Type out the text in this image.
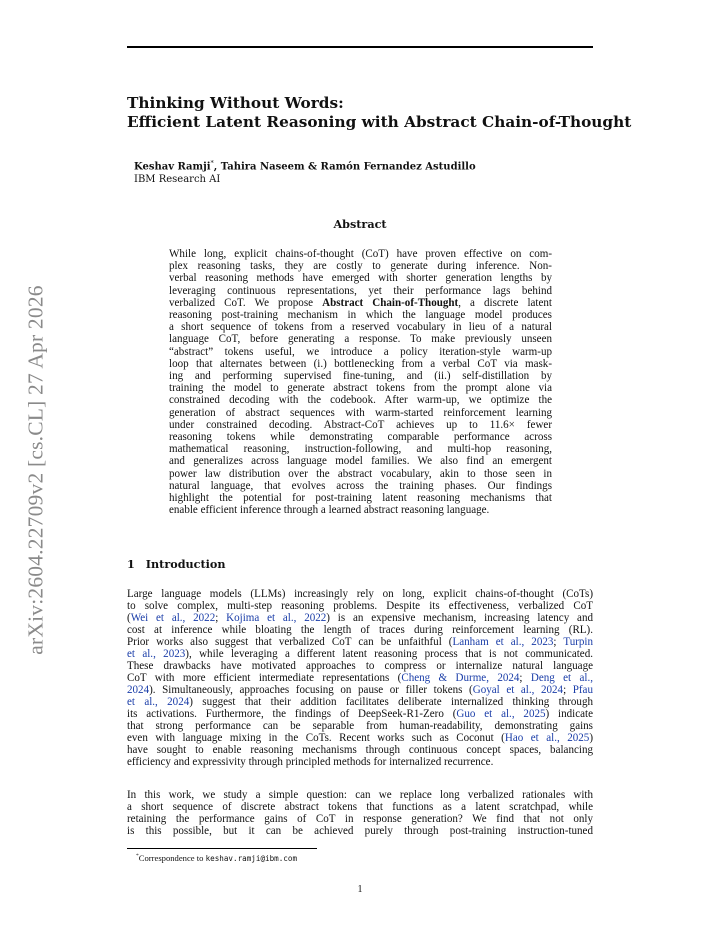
arXiv:2604.22709v2 [cs.CL] 27 Apr 2026
Thinking Without Words:
Efficient Latent Reasoning with Abstract Chain-of-Thought
Keshav Ramji*, Tahira Naseem & Ramón Fernandez Astudillo
IBM Research AI
Abstract
While long, explicit chains-of-thought (CoT) have proven effective on com-
plex reasoning tasks, they are costly to generate during inference. Non-
verbal reasoning methods have emerged with shorter generation lengths by
leveraging continuous representations, yet their performance lags behind
verbalized CoT. We propose Abstract Chain-of-Thought, a discrete latent
reasoning post-training mechanism in which the language model produces
a short sequence of tokens from a reserved vocabulary in lieu of a natural
language CoT, before generating a response. To make previously unseen
“abstract” tokens useful, we introduce a policy iteration-style warm-up
loop that alternates between (i.) bottlenecking from a verbal CoT via mask-
ing and performing supervised fine-tuning, and (ii.) self-distillation by
training the model to generate abstract tokens from the prompt alone via
constrained decoding with the codebook. After warm-up, we optimize the
generation of abstract sequences with warm-started reinforcement learning
under constrained decoding. Abstract-CoT achieves up to 11.6× fewer
reasoning tokens while demonstrating comparable performance across
mathematical reasoning, instruction-following, and multi-hop reasoning,
and generalizes across language model families. We also find an emergent
power law distribution over the abstract vocabulary, akin to those seen in
natural language, that evolves across the training phases. Our findings
highlight the potential for post-training latent reasoning mechanisms that
enable efficient inference through a learned abstract reasoning language.
1 Introduction
Large language models (LLMs) increasingly rely on long, explicit chains-of-thought (CoTs)
to solve complex, multi-step reasoning problems. Despite its effectiveness, verbalized CoT
(Wei et al., 2022; Kojima et al., 2022) is an expensive mechanism, increasing latency and
cost at inference while bloating the length of traces during reinforcement learning (RL).
Prior works also suggest that verbalized CoT can be unfaithful (Lanham et al., 2023; Turpin
et al., 2023), while leveraging a different latent reasoning process that is not communicated.
These drawbacks have motivated approaches to compress or internalize natural language
CoT with more efficient intermediate representations (Cheng & Durme, 2024; Deng et al.,
2024). Simultaneously, approaches focusing on pause or filler tokens (Goyal et al., 2024; Pfau
et al., 2024) suggest that their addition facilitates deliberate internalized thinking through
its activations. Furthermore, the findings of DeepSeek-R1-Zero (Guo et al., 2025) indicate
that strong performance can be separable from human-readability, demonstrating gains
even with language mixing in the CoTs. Recent works such as Coconut (Hao et al., 2025)
have sought to enable reasoning mechanisms through continuous concept spaces, balancing
efficiency and expressivity through principled methods for internalized recurrence.
In this work, we study a simple question: can we replace long verbalized rationales with
a short sequence of discrete abstract tokens that functions as a latent scratchpad, while
retaining the performance gains of CoT in response generation? We find that not only
is this possible, but it can be achieved purely through post-training instruction-tuned
*Correspondence to keshav.ramji@ibm.com
1
